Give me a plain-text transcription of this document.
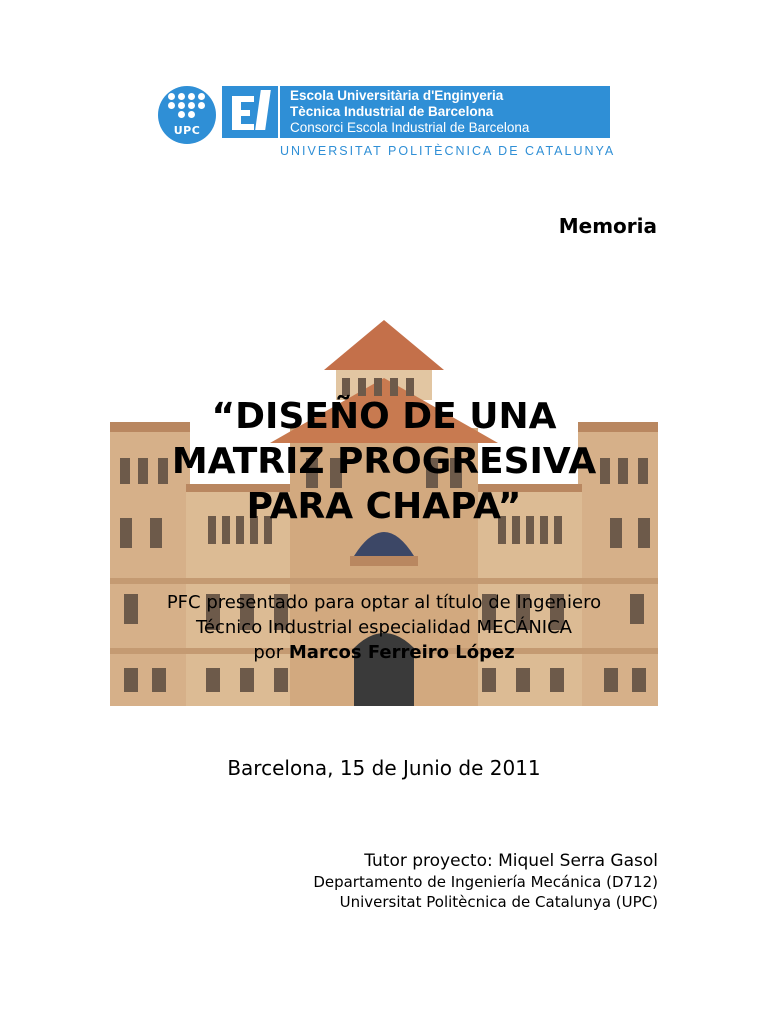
UPC
Escola Universitària d'Enginyeria
Tècnica Industrial de Barcelona
Consorci Escola Industrial de Barcelona
UNIVERSITAT POLITÈCNICA DE CATALUNYA
Memoria
“DISEÑO DE UNA
MATRIZ PROGRESIVA
PARA CHAPA”
PFC presentado para optar al título de Ingeniero
Técnico Industrial especialidad MECÁNICA
por Marcos Ferreiro López
Barcelona, 15 de Junio de 2011
Tutor proyecto: Miquel Serra Gasol
Departamento de Ingeniería Mecánica (D712)
Universitat Politècnica de Catalunya (UPC)
